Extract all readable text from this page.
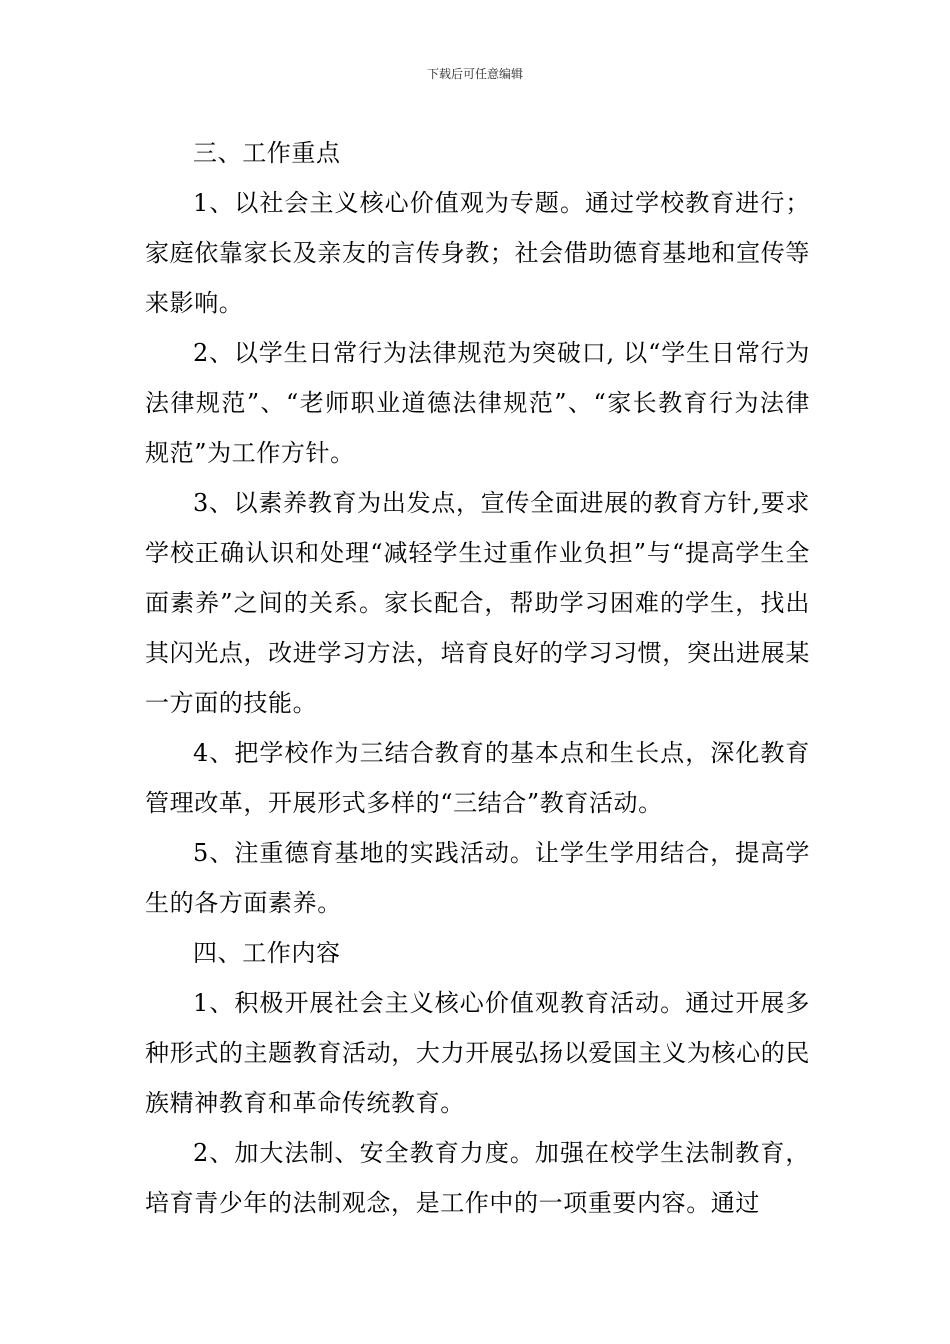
下载后可任意编辑

三、工作重点

1、以社会主义核心价值观为专题。通过学校教育进行；家庭依靠家长及亲友的言传身教；社会借助德育基地和宣传等来影响。

2、以学生日常行为法律规范为突破口, 以“学生日常行为法律规范”、“老师职业道德法律规范”、“家长教育行为法律规范”为工作方针。

3、以素养教育为出发点，宣传全面进展的教育方针,要求学校正确认识和处理“减轻学生过重作业负担”与“提高学生全面素养”之间的关系。家长配合，帮助学习困难的学生，找出其闪光点，改进学习方法，培育良好的学习习惯，突出进展某一方面的技能。

4、把学校作为三结合教育的基本点和生长点，深化教育管理改革，开展形式多样的“三结合”教育活动。

5、注重德育基地的实践活动。让学生学用结合，提高学生的各方面素养。

四、工作内容

1、积极开展社会主义核心价值观教育活动。通过开展多种形式的主题教育活动，大力开展弘扬以爱国主义为核心的民族精神教育和革命传统教育。

2、加大法制、安全教育力度。加强在校学生法制教育，培育青少年的法制观念，是工作中的一项重要内容。通过
